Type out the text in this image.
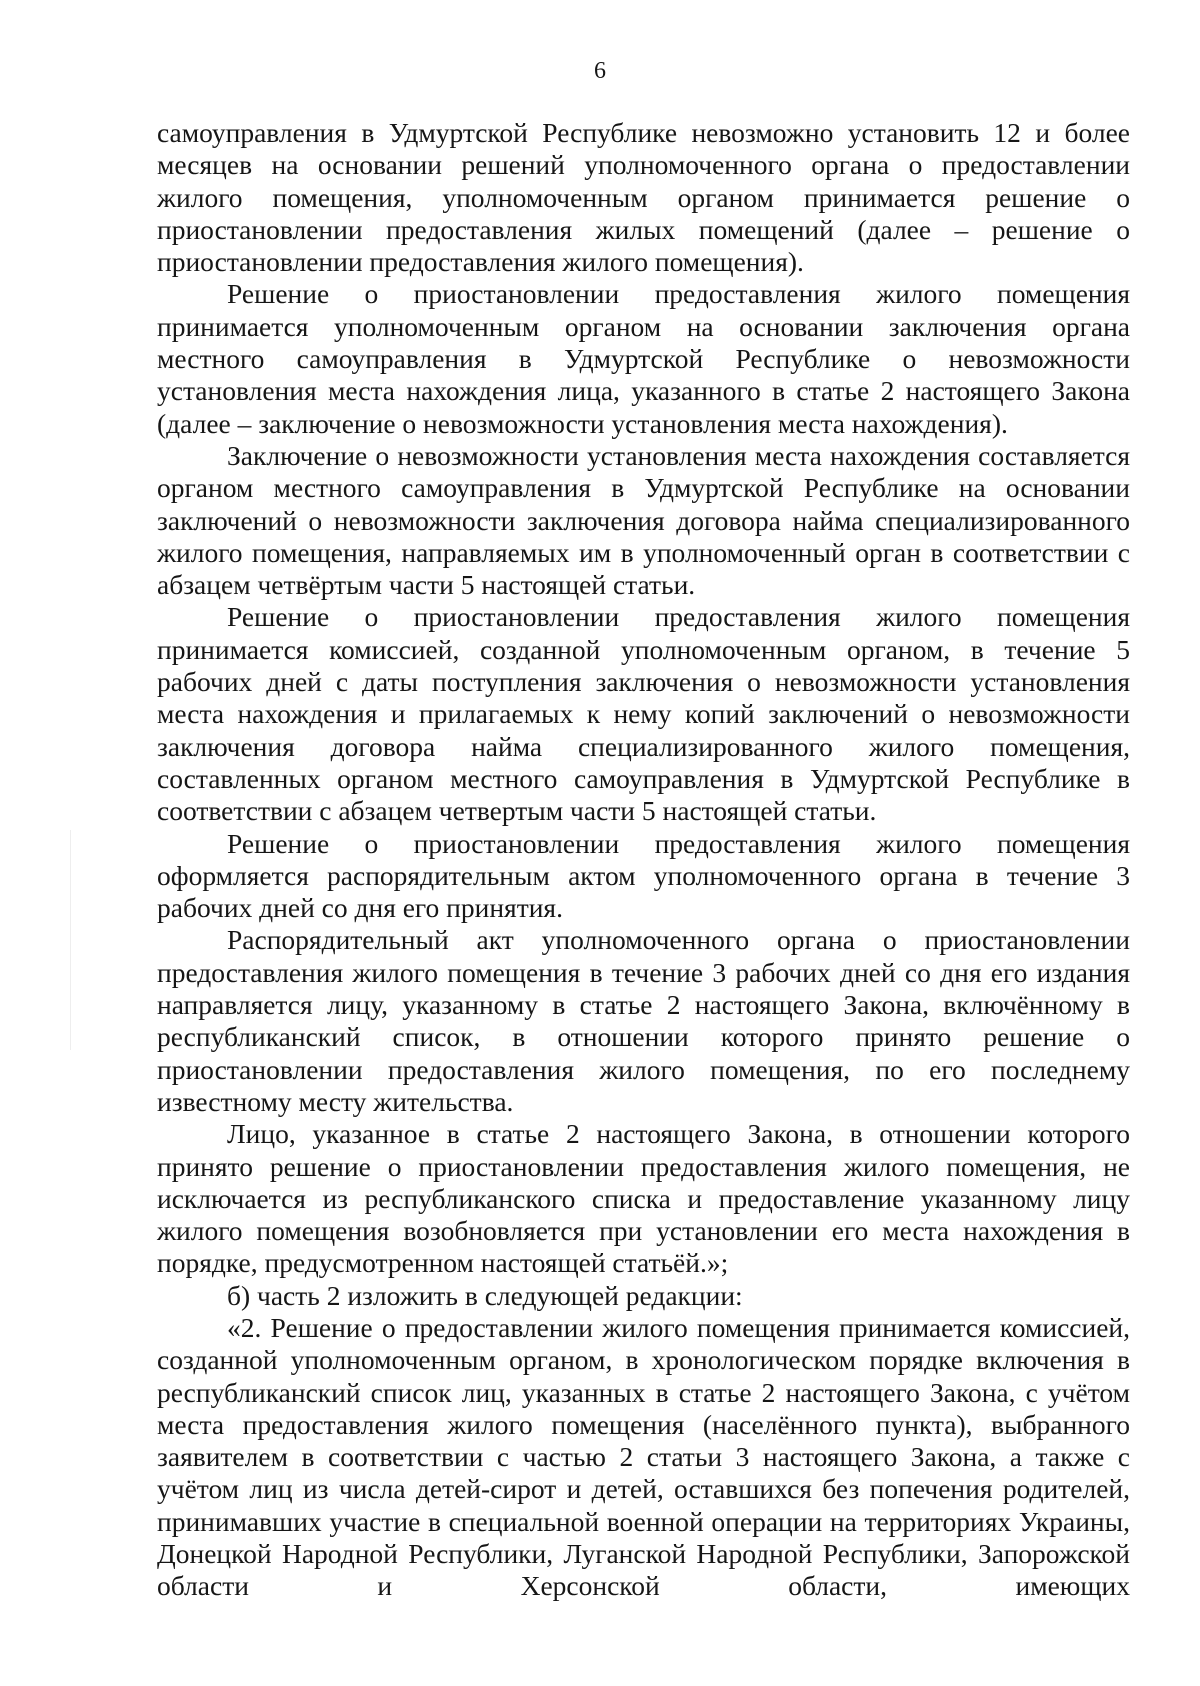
6

самоуправления в Удмуртской Республике невозможно установить 12 и более месяцев на основании решений уполномоченного органа о предоставлении жилого помещения, уполномоченным органом принимается решение о приостановлении предоставления жилых помещений (далее – решение о приостановлении предоставления жилого помещения).

Решение о приостановлении предоставления жилого помещения принимается уполномоченным органом на основании заключения органа местного самоуправления в Удмуртской Республике о невозможности установления места нахождения лица, указанного в статье 2 настоящего Закона (далее – заключение о невозможности установления места нахождения).

Заключение о невозможности установления места нахождения составляется органом местного самоуправления в Удмуртской Республике на основании заключений о невозможности заключения договора найма специализированного жилого помещения, направляемых им в уполномоченный орган в соответствии с абзацем четвёртым части 5 настоящей статьи.

Решение о приостановлении предоставления жилого помещения принимается комиссией, созданной уполномоченным органом, в течение 5 рабочих дней с даты поступления заключения о невозможности установления места нахождения и прилагаемых к нему копий заключений о невозможности заключения договора найма специализированного жилого помещения, составленных органом местного самоуправления в Удмуртской Республике в соответствии с абзацем четвертым части 5 настоящей статьи.

Решение о приостановлении предоставления жилого помещения оформляется распорядительным актом уполномоченного органа в течение 3 рабочих дней со дня его принятия.

Распорядительный акт уполномоченного органа о приостановлении предоставления жилого помещения в течение 3 рабочих дней со дня его издания направляется лицу, указанному в статье 2 настоящего Закона, включённому в республиканский список, в отношении которого принято решение о приостановлении предоставления жилого помещения, по его последнему известному месту жительства.

Лицо, указанное в статье 2 настоящего Закона, в отношении которого принято решение о приостановлении предоставления жилого помещения, не исключается из республиканского списка и предоставление указанному лицу жилого помещения возобновляется при установлении его места нахождения в порядке, предусмотренном настоящей статьёй.»;

б) часть 2 изложить в следующей редакции:

«2. Решение о предоставлении жилого помещения принимается комиссией, созданной уполномоченным органом, в хронологическом порядке включения в республиканский список лиц, указанных в статье 2 настоящего Закона, с учётом места предоставления жилого помещения (населённого пункта), выбранного заявителем в соответствии с частью 2 статьи 3 настоящего Закона, а также с учётом лиц из числа детей-сирот и детей, оставшихся без попечения родителей, принимавших участие в специальной военной операции на территориях Украины, Донецкой Народной Республики, Луганской Народной Республики, Запорожской области и Херсонской области, имеющих
